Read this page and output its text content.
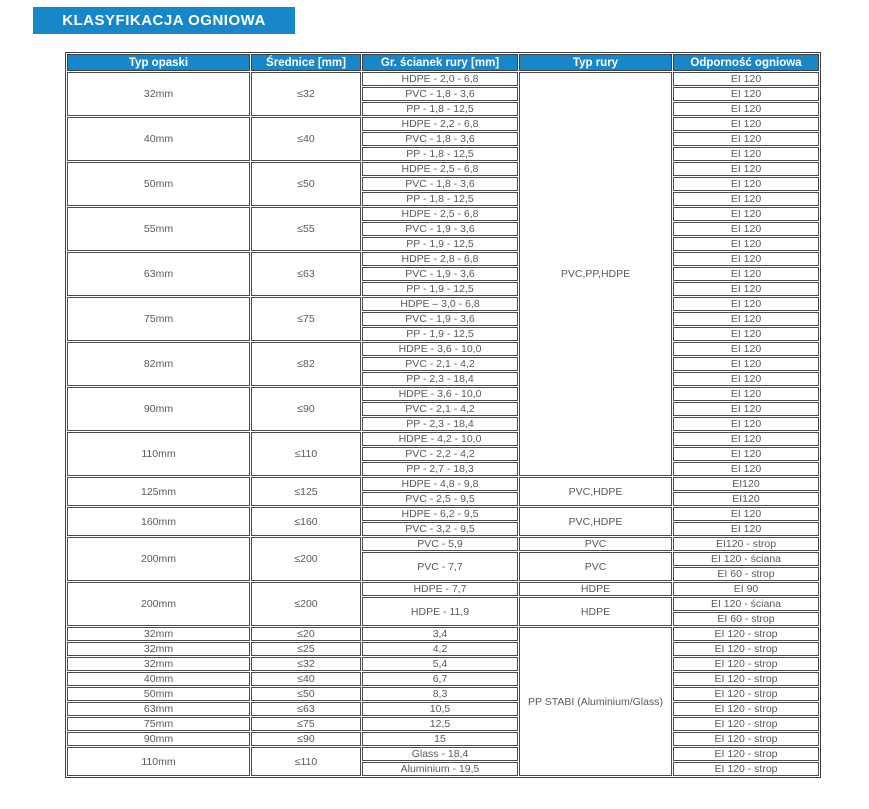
KLASYFIKACJA OGNIOWA
Typ opaski	Średnice [mm]	Gr. ścianek rury [mm]	Typ rury	Odporność ogniowa
32mm	≤32	HDPE - 2,0 - 6,8	PVC,PP,HDPE	EI 120
		PVC - 1,8 - 3,6		EI 120
		PP - 1,8 - 12,5		EI 120
40mm	≤40	HDPE - 2,2 - 6,8		EI 120
		PVC - 1,8 - 3,6		EI 120
		PP - 1,8 - 12,5		EI 120
50mm	≤50	HDPE - 2,5 - 6,8		EI 120
		PVC - 1,8 - 3,6		EI 120
		PP - 1,8 - 12,5		EI 120
55mm	≤55	HDPE - 2,5 - 6,8		EI 120
		PVC - 1,9 - 3,6		EI 120
		PP - 1,9 - 12,5		EI 120
63mm	≤63	HDPE - 2,8 - 6,8		EI 120
		PVC - 1,9 - 3,6		EI 120
		PP - 1,9 - 12,5		EI 120
75mm	≤75	HDPE – 3,0 - 6,8		EI 120
		PVC - 1,9 - 3,6		EI 120
		PP - 1,9 - 12,5		EI 120
82mm	≤82	HDPE - 3,6 - 10,0		EI 120
		PVC - 2,1 - 4,2		EI 120
		PP - 2,3 - 18,4		EI 120
90mm	≤90	HDPE - 3,6 - 10,0		EI 120
		PVC - 2,1 - 4,2		EI 120
		PP - 2,3 - 18,4		EI 120
110mm	≤110	HDPE - 4,2 - 10,0		EI 120
		PVC - 2,2 - 4,2		EI 120
		PP - 2,7 - 18,3		EI 120
125mm	≤125	HDPE - 4,8 - 9,8	PVC,HDPE	EI120
		PVC - 2,5 - 9,5		EI120
160mm	≤160	HDPE - 6,2 - 9,5	PVC,HDPE	EI 120
		PVC - 3,2 - 9,5		EI 120
200mm	≤200	PVC - 5,9	PVC	EI120 - strop
		PVC - 7,7	PVC	EI 120 - ściana
				EI 60 - strop
200mm	≤200	HDPE - 7,7	HDPE	EI 90
		HDPE - 11,9	HDPE	EI 120 - ściana
				EI 60 - strop
32mm	≤20	3,4	PP STABI (Aluminium/Glass)	EI 120 - strop
32mm	≤25	4,2		EI 120 - strop
32mm	≤32	5,4		EI 120 - strop
40mm	≤40	6,7		EI 120 - strop
50mm	≤50	8,3		EI 120 - strop
63mm	≤63	10,5		EI 120 - strop
75mm	≤75	12,5		EI 120 - strop
90mm	≤90	15		EI 120 - strop
110mm	≤110	Glass - 18,4		EI 120 - strop
		Aluminium - 19,5		EI 120 - strop
